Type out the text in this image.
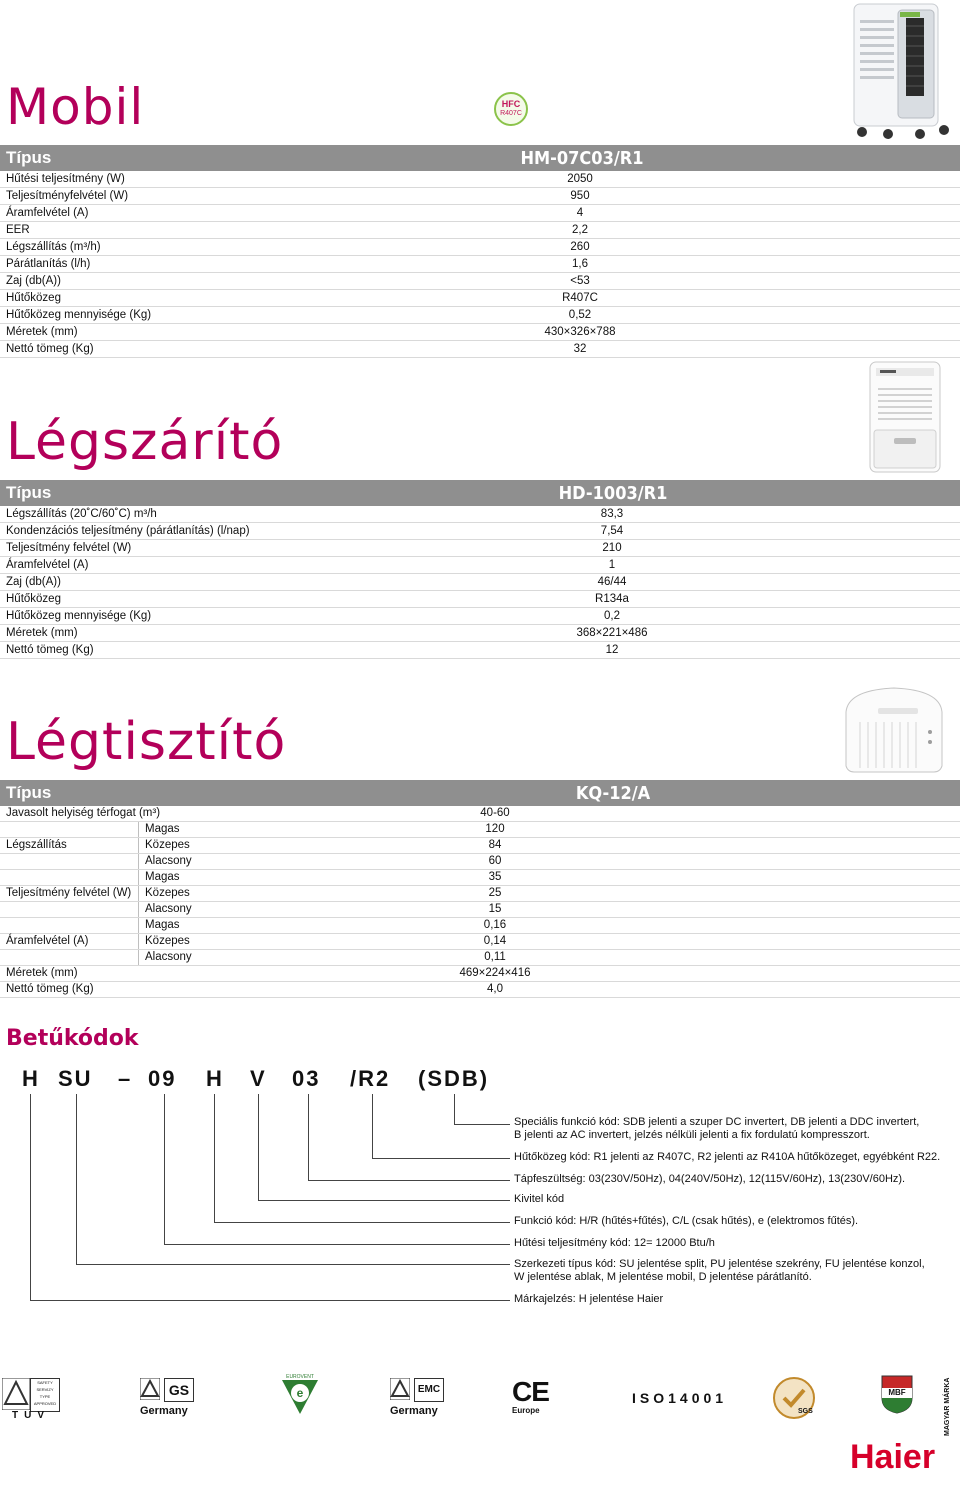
Mobil	HFC
R407C
Típus	HM-07C03/R1
Hűtési teljesítmény (W)	2050
Teljesítményfelvétel (W)	950
Áramfelvétel (A)	4
EER	2,2
Légszállítás (m³/h)	260
Párátlanítás (l/h)	1,6
Zaj (db(A))	<53
Hűtőközeg	R407C
Hűtőközeg mennyisége (Kg)	0,52
Méretek (mm)	430×326×788
Nettó tömeg (Kg)	32
Légszárító
Típus	HD-1003/R1
Légszállítás (20˚C/60˚C) m³/h	83,3
Kondenzációs teljesítmény (párátlanítás) (l/nap)	7,54
Teljesítmény felvétel (W)	210
Áramfelvétel (A)	1
Zaj (db(A))	46/44
Hűtőközeg	R134a
Hűtőközeg mennyisége (Kg)	0,2
Méretek (mm)	368×221×486
Nettó tömeg (Kg)	12
Légtisztító
Típus	KQ-12/A
Javasolt helyiség térfogat (m³)		40-60	
	Magas	120	
Légszállítás	Közepes	84	
	Alacsony	60	
	Magas	35	
Teljesítmény felvétel (W)	Közepes	25	
	Alacsony	15	
	Magas	0,16	
Áramfelvétel (A)	Közepes	0,14	
	Alacsony	0,11	
Méretek (mm)		469×224×416	
Nettó tömeg (Kg)		4,0	
Betűkódok
H SU – 09 H V 03 /R2 (SDB)
Speciális funkció kód: SDB jelenti a szuper DC invertert, DB jelenti a DDC invertert,
B jelenti az AC invertert, jelzés nélküli jelenti a fix fordulatú kompresszort.
Hűtőközeg kód: R1 jelenti az R407C, R2 jelenti az R410A hűtőközeget, egyébként R22.
Tápfeszültség: 03(230V/50Hz), 04(240V/50Hz), 12(115V/60Hz), 13(230V/60Hz).
Kivitel kód
Funkció kód: H/R (hűtés+fűtés), C/L (csak hűtés), e (elektromos fűtés).
Hűtési teljesítmény kód: 12= 12000 Btu/h
Szerkezeti típus kód: SU jelentése split, PU jelentése szekrény, FU jelentése konzol,
W jelentése ablak, M jelentése mobil, D jelentése párátlanító.
Márkajelzés: H jelentése Haier
SAFETY
SERVIZY
TYPE
APPROVED
TUV
GS
Germany
EUROVENT
e	EMC
Germany
CE
Europe
ISO14001
SGS
MBF	MAGYAR MÁRKA
Haier
